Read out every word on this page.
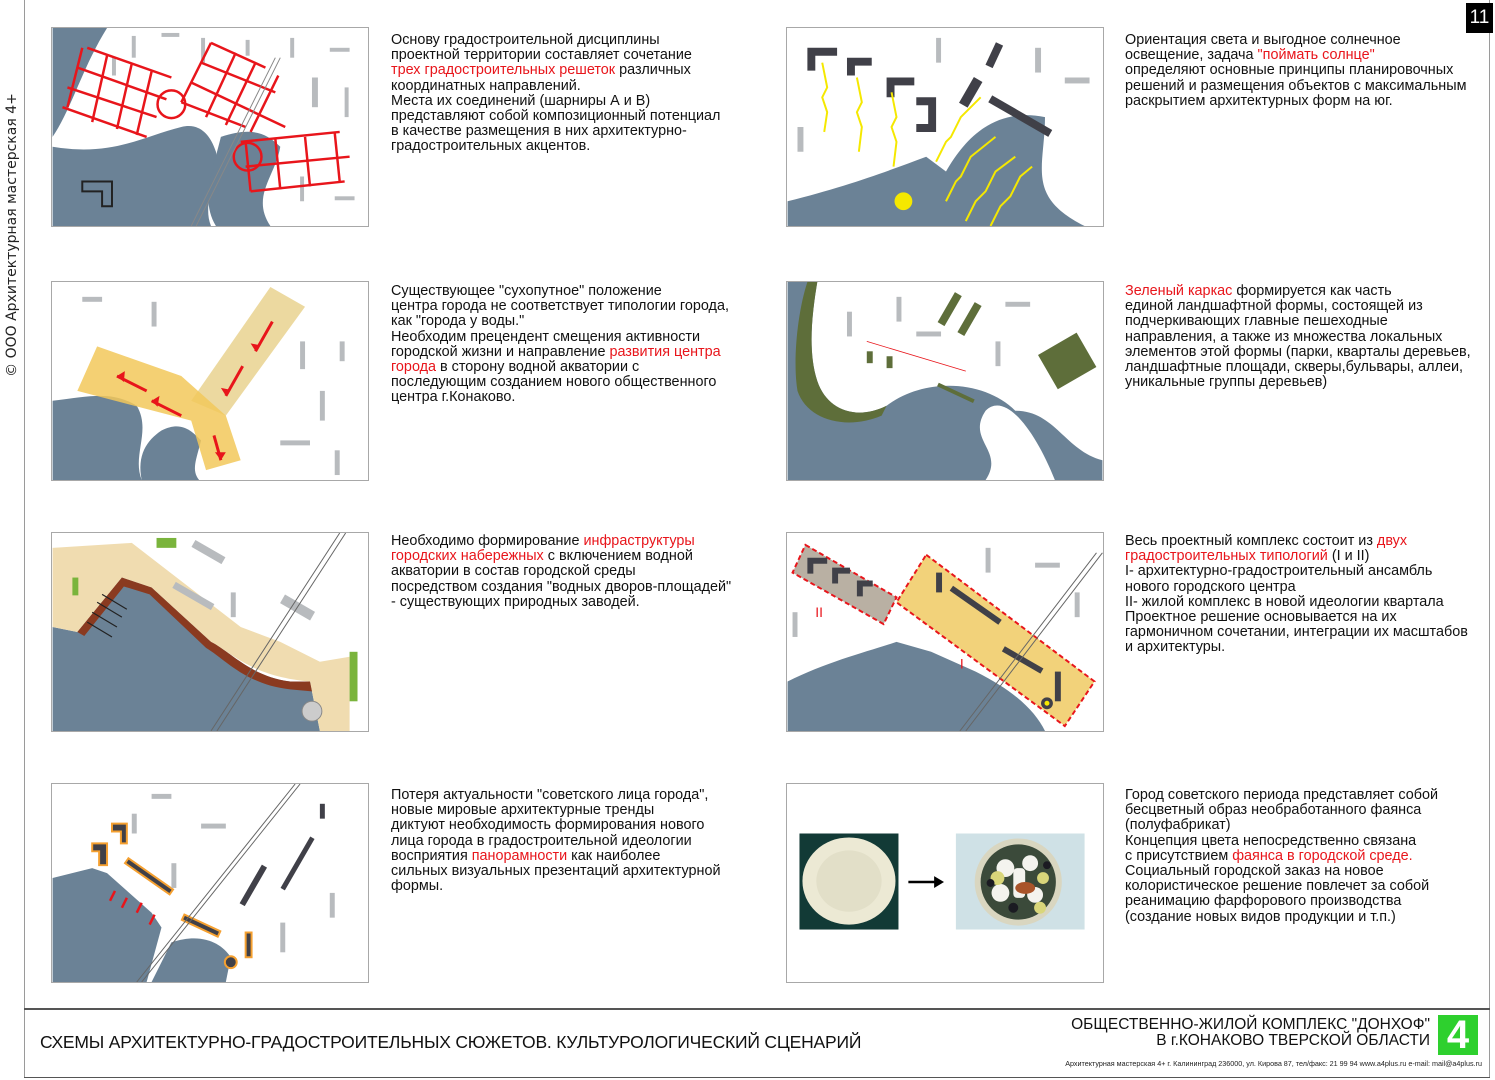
11
© ООО Архитектурная мастерская 4+

Основу градостроительной дисциплины
проектной территории составляет сочетание
трех градостроительных решеток различных
координатных направлений.
Места их соединений (шарниры А и В)
представляют собой композиционный потенциал
в качестве размещения в них архитектурно-
градостроительных акцентов.

Ориентация света и выгодное солнечное
освещение, задача "поймать солнце"
определяют основные принципы планировочных
решений и размещения объектов с максимальным
раскрытием архитектурных форм на юг.

Существующее "сухопутное" положение
центра города не соответствует типологии города,
как "города у воды."
Необходим прецендент смещения активности
городской жизни и направление развития центра
города в сторону водной акватории с
последующим созданием нового общественного
центра г.Конаково.

Зеленый каркас формируется как часть
единой ландшафтной формы, состоящей из
подчеркивающих главные пешеходные
направления, а также из множества локальных
элементов этой формы (парки, кварталы деревьев,
ландшафтные площади, скверы,бульвары, аллеи,
уникальные группы деревьев)

Необходимо формирование инфраструктуры
городских набережных с включением водной
акватории в состав городской среды
посредством создания "водных дворов-площадей"
- существующих природных заводей.

II
I

Весь проектный комплекс состоит из двух
градостроительных типологий (I и II)
I- архитектурно-градостроительный ансамбль
нового городского центра
II- жилой комплекс в новой идеологии квартала
Проектное решение основывается на их
гармоничном сочетании, интеграции их масштабов
и архитектуры.

Потеря актуальности "советского лица города",
новые мировые архитектурные тренды
диктуют необходимость формирования нового
лица города в градостроительной идеологии
восприятия панорамности как наиболее
сильных визуальных презентаций архитектурной
формы.

Город советского периода представляет собой
бесцветный образ необработанного фаянса
(полуфабрикат)
Концепция цвета непосредственно связана
с присутствием фаянса в городской среде.
Социальный городской заказ на новое
колористическое решение повлечет за собой
реанимацию фарфорового производства
(создание новых видов продукции и т.п.)

СХЕМЫ АРХИТЕКТУРНО-ГРАДОСТРОИТЕЛЬНЫХ СЮЖЕТОВ. КУЛЬТУРОЛОГИЧЕСКИЙ СЦЕНАРИЙ
ОБЩЕСТВЕННО-ЖИЛОЙ КОМПЛЕКС "ДОНХОФ"
В г.КОНАКОВО ТВЕРСКОЙ ОБЛАСТИ
Архитектурная мастерская 4+ г. Калининград 236000, ул. Кирова 87, тел/факс: 21 99 94 www.a4plus.ru e-mail: mail@a4plus.ru
4
